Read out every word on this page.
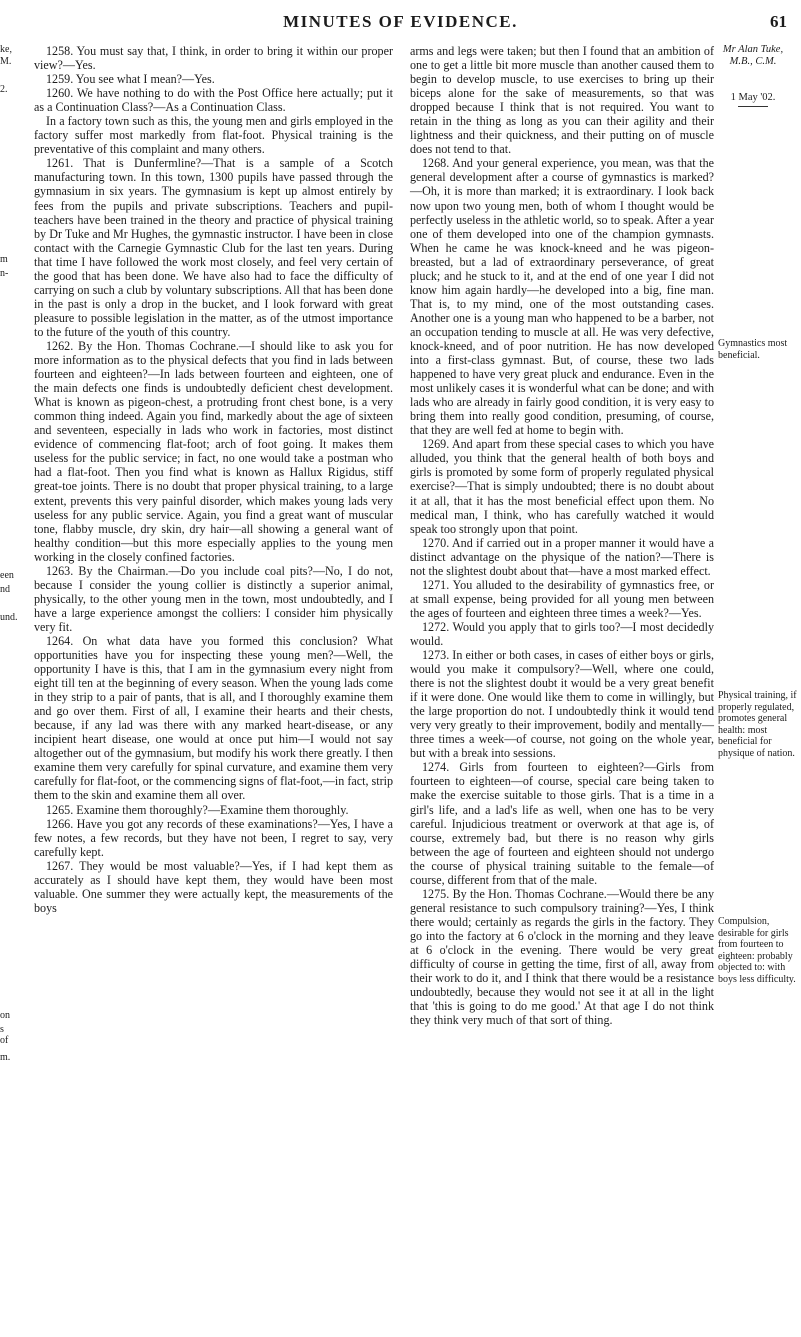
MINUTES OF EVIDENCE.	61
ke,
M.
2.
m
n-
een
nd
und.
on
s of
m.

1258. You must say that, I think, in order to bring it within our proper view?—Yes.

1259. You see what I mean?—Yes.

1260. We have nothing to do with the Post Office here actually; put it as a Continuation Class?—As a Continuation Class.

In a factory town such as this, the young men and girls employed in the factory suffer most markedly from flat-foot. Physical training is the preventative of this complaint and many others.

1261. That is Dunfermline?—That is a sample of a Scotch manufacturing town. In this town, 1300 pupils have passed through the gymnasium in six years. The gymnasium is kept up almost entirely by fees from the pupils and private subscriptions. Teachers and pupil-teachers have been trained in the theory and practice of physical training by Dr Tuke and Mr Hughes, the gymnastic instructor. I have been in close contact with the Carnegie Gymnastic Club for the last ten years. During that time I have followed the work most closely, and feel very certain of the good that has been done. We have also had to face the difficulty of carrying on such a club by voluntary subscriptions. All that has been done in the past is only a drop in the bucket, and I look forward with great pleasure to possible legislation in the matter, as of the utmost importance to the future of the youth of this country.

1262. By the Hon. Thomas Cochrane.—I should like to ask you for more information as to the physical defects that you find in lads between fourteen and eighteen?—In lads between fourteen and eighteen, one of the main defects one finds is undoubtedly deficient chest development. What is known as pigeon-chest, a protruding front chest bone, is a very common thing indeed. Again you find, markedly about the age of sixteen and seventeen, especially in lads who work in factories, most distinct evidence of commencing flat-foot; arch of foot going. It makes them useless for the public service; in fact, no one would take a postman who had a flat-foot. Then you find what is known as Hallux Rigidus, stiff great-toe joints. There is no doubt that proper physical training, to a large extent, prevents this very painful disorder, which makes young lads very useless for any public service. Again, you find a great want of muscular tone, flabby muscle, dry skin, dry hair—all showing a general want of healthy condition—but this more especially applies to the young men working in the closely confined factories.

1263. By the Chairman.—Do you include coal pits?—No, I do not, because I consider the young collier is distinctly a superior animal, physically, to the other young men in the town, most undoubtedly, and I have a large experience amongst the colliers: I consider him physically very fit.

1264. On what data have you formed this conclusion? What opportunities have you for inspecting these young men?—Well, the opportunity I have is this, that I am in the gymnasium every night from eight till ten at the beginning of every season. When the young lads come in they strip to a pair of pants, that is all, and I thoroughly examine them and go over them. First of all, I examine their hearts and their chests, because, if any lad was there with any marked heart-disease, or any incipient heart disease, one would at once put him—I would not say altogether out of the gymnasium, but modify his work there greatly. I then examine them very carefully for spinal curvature, and examine them very carefully for flat-foot, or the commencing signs of flat-foot,—in fact, strip them to the skin and examine them all over.

1265. Examine them thoroughly?—Examine them thoroughly.

1266. Have you got any records of these examinations?—Yes, I have a few notes, a few records, but they have not been, I regret to say, very carefully kept.

1267. They would be most valuable?—Yes, if I had kept them as accurately as I should have kept them, they would have been most valuable. One summer they were actually kept, the measurements of the boys

arms and legs were taken; but then I found that an ambition of one to get a little bit more muscle than another caused them to begin to develop muscle, to use exercises to bring up their biceps alone for the sake of measurements, so that was dropped because I think that is not required. You want to retain in the thing as long as you can their agility and their lightness and their quickness, and their putting on of muscle does not tend to that.

1268. And your general experience, you mean, was that the general development after a course of gymnastics is marked?—Oh, it is more than marked; it is extraordinary. I look back now upon two young men, both of whom I thought would be perfectly useless in the athletic world, so to speak. After a year one of them developed into one of the champion gymnasts. When he came he was knock-kneed and he was pigeon-breasted, but a lad of extraordinary perseverance, of great pluck; and he stuck to it, and at the end of one year I did not know him again hardly—he developed into a big, fine man. That is, to my mind, one of the most outstanding cases. Another one is a young man who happened to be a barber, not an occupation tending to muscle at all. He was very defective, knock-kneed, and of poor nutrition. He has now developed into a first-class gymnast. But, of course, these two lads happened to have very great pluck and endurance. Even in the most unlikely cases it is wonderful what can be done; and with lads who are already in fairly good condition, it is very easy to bring them into really good condition, presuming, of course, that they are well fed at home to begin with.

1269. And apart from these special cases to which you have alluded, you think that the general health of both boys and girls is promoted by some form of properly regulated physical exercise?—That is simply undoubted; there is no doubt about it at all, that it has the most beneficial effect upon them. No medical man, I think, who has carefully watched it would speak too strongly upon that point.

1270. And if carried out in a proper manner it would have a distinct advantage on the physique of the nation?—There is not the slightest doubt about that—have a most marked effect.

1271. You alluded to the desirability of gymnastics free, or at small expense, being provided for all young men between the ages of fourteen and eighteen three times a week?—Yes.

1272. Would you apply that to girls too?—I most decidedly would.

1273. In either or both cases, in cases of either boys or girls, would you make it compulsory?—Well, where one could, there is not the slightest doubt it would be a very great benefit if it were done. One would like them to come in willingly, but the large proportion do not. I undoubtedly think it would tend very very greatly to their improvement, bodily and mentally—three times a week—of course, not going on the whole year, but with a break into sessions.

1274. Girls from fourteen to eighteen?—Girls from fourteen to eighteen—of course, special care being taken to make the exercise suitable to those girls. That is a time in a girl's life, and a lad's life as well, when one has to be very careful. Injudicious treatment or overwork at that age is, of course, extremely bad, but there is no reason why girls between the age of fourteen and eighteen should not undergo the course of physical training suitable to the female—of course, different from that of the male.

1275. By the Hon. Thomas Cochrane.—Would there be any general resistance to such compulsory training?—Yes, I think there would; certainly as regards the girls in the factory. They go into the factory at 6 o'clock in the morning and they leave at 6 o'clock in the evening. There would be very great difficulty of course in getting the time, first of all, away from their work to do it, and I think that there would be a resistance undoubtedly, because they would not see it at all in the light that 'this is going to do me good.' At that age I do not think they think very much of that sort of thing.

Mr Alan Tuke, M.B., C.M.
1 May '02.
Gymnastics most beneficial.
Physical training, if properly regulated, promotes general health: most beneficial for physique of nation.
Compulsion, desirable for girls from fourteen to eighteen: probably objected to: with boys less difficulty.
